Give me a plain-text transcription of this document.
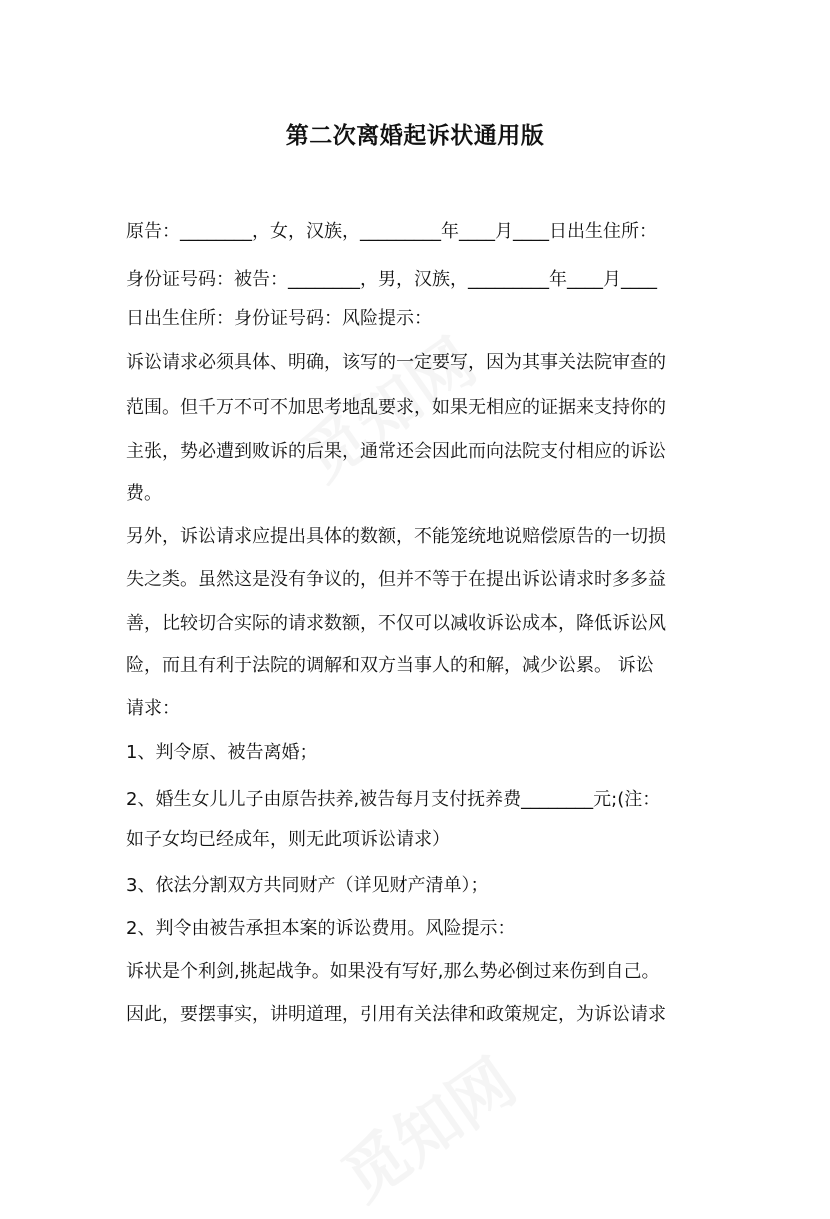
第二次离婚起诉状通用版
原告：________，女，汉族，_________年____月____日出生住所：
身份证号码：被告：________，男，汉族，_________年____月____
日出生住所：身份证号码：风险提示：
诉讼请求必须具体、明确，该写的一定要写，因为其事关法院审查的
范围。但千万不可不加思考地乱要求，如果无相应的证据来支持你的
主张，势必遭到败诉的后果，通常还会因此而向法院支付相应的诉讼
费。
另外，诉讼请求应提出具体的数额，不能笼统地说赔偿原告的一切损
失之类。虽然这是没有争议的，但并不等于在提出诉讼请求时多多益
善，比较切合实际的请求数额，不仅可以减收诉讼成本，降低诉讼风
险，而且有利于法院的调解和双方当事人的和解，减少讼累。 诉讼
请求：
1、判令原、被告离婚；
2、婚生女儿儿子由原告扶养,被告每月支付抚养费________元;(注：
如子女均已经成年，则无此项诉讼请求）
3、依法分割双方共同财产（详见财产清单）；
2、判令由被告承担本案的诉讼费用。风险提示：
诉状是个利剑,挑起战争。如果没有写好,那么势必倒过来伤到自己。
因此，要摆事实，讲明道理，引用有关法律和政策规定，为诉讼请求
